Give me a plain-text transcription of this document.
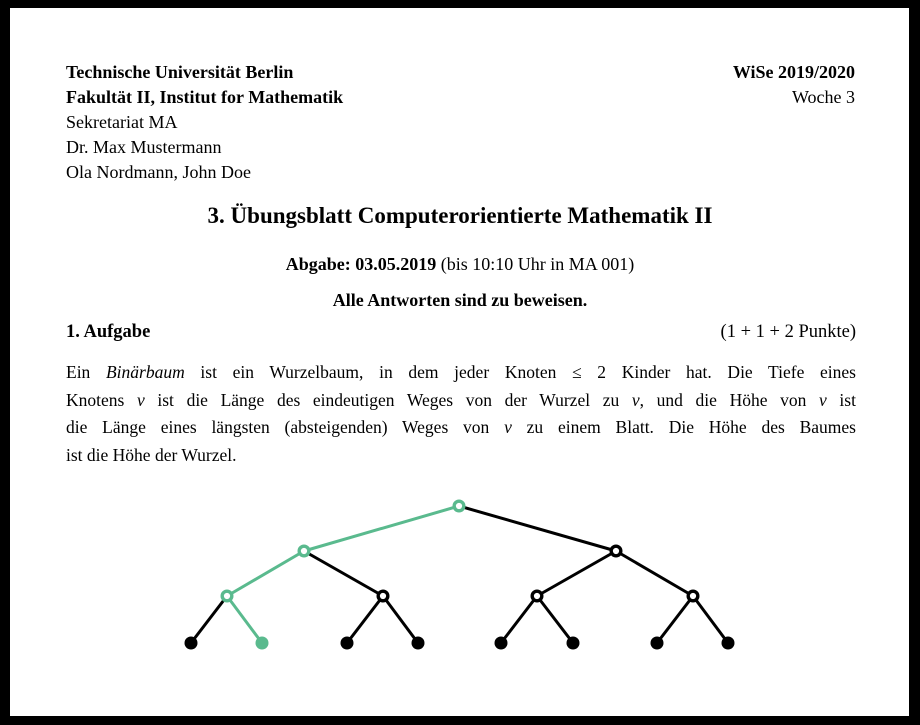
Technische Universität Berlin
Fakultät II, Institut for Mathematik
Sekretariat MA
Dr. Max Mustermann
Ola Nordmann, John Doe
WiSe 2019/2020
Woche 3
3. Übungsblatt Computerorientierte Mathematik II
Abgabe: 03.05.2019 (bis 10:10 Uhr in MA 001)
Alle Antworten sind zu beweisen.
1. Aufgabe	(1 + 1 + 2 Punkte)
Ein Binärbaum ist ein Wurzelbaum, in dem jeder Knoten ≤ 2 Kinder hat. Die Tiefe eines
Knotens v ist die Länge des eindeutigen Weges von der Wurzel zu v, und die Höhe von v ist
die Länge eines längsten (absteigenden) Weges von v zu einem Blatt. Die Höhe des Baumes
ist die Höhe der Wurzel.
